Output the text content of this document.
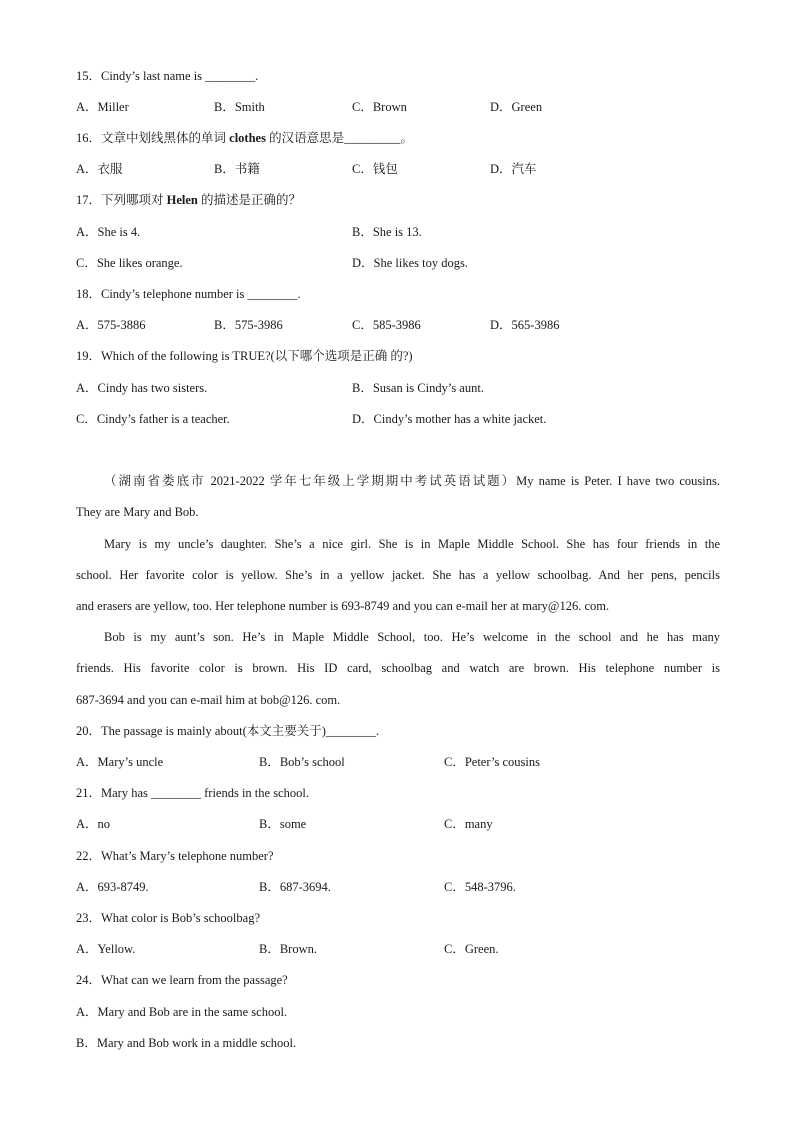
15．Cindy’s last name is ________.
A．Miller	B．Smith	C．Brown	D．Green
16．文章中划线黑体的单词 clothes 的汉语意思是_________。
A．衣服	B．书籍	C．钱包	D．汽车
17．下列哪项对 Helen 的描述是正确的？
A．She is 4.	B．She is 13.
C．She likes orange.	D．She likes toy dogs.
18．Cindy’s telephone number is ________.
A．575-3886	B．575-3986	C．585-3986	D．565-3986
19．Which of the following is TRUE?(以下哪个选项是正确 的?)
A．Cindy has two sisters.	B．Susan is Cindy’s aunt.
C．Cindy’s father is a teacher.	D．Cindy’s mother has a white jacket.

（湖南省娄底市 2021-2022 学年七年级上学期期中考试英语试题）My name is Peter. I have two cousins.

They are Mary and Bob.

Mary is my uncle’s daughter. She’s a nice girl. She is in Maple Middle School. She has four friends in the

school. Her favorite color is yellow. She’s in a yellow jacket. She has a yellow schoolbag. And her pens, pencils

and erasers are yellow, too. Her telephone number is 693-8749 and you can e-mail her at mary@126. com.

Bob is my aunt’s son. He’s in Maple Middle School, too. He’s welcome in the school and he has many

friends. His favorite color is brown. His ID card, schoolbag and watch are brown. His telephone number is

687-3694 and you can e-mail him at bob@126. com.

20．The passage is mainly about(本文主要关于)________.
A．Mary’s uncle	B．Bob’s school	C．Peter’s cousins
21．Mary has ________ friends in the school.
A．no	B．some	C．many
22．What’s Mary’s telephone number?
A．693-8749.	B．687-3694.	C．548-3796.
23．What color is Bob’s schoolbag?
A．Yellow.	B．Brown.	C．Green.
24．What can we learn from the passage?
A．Mary and Bob are in the same school.
B．Mary and Bob work in a middle school.
